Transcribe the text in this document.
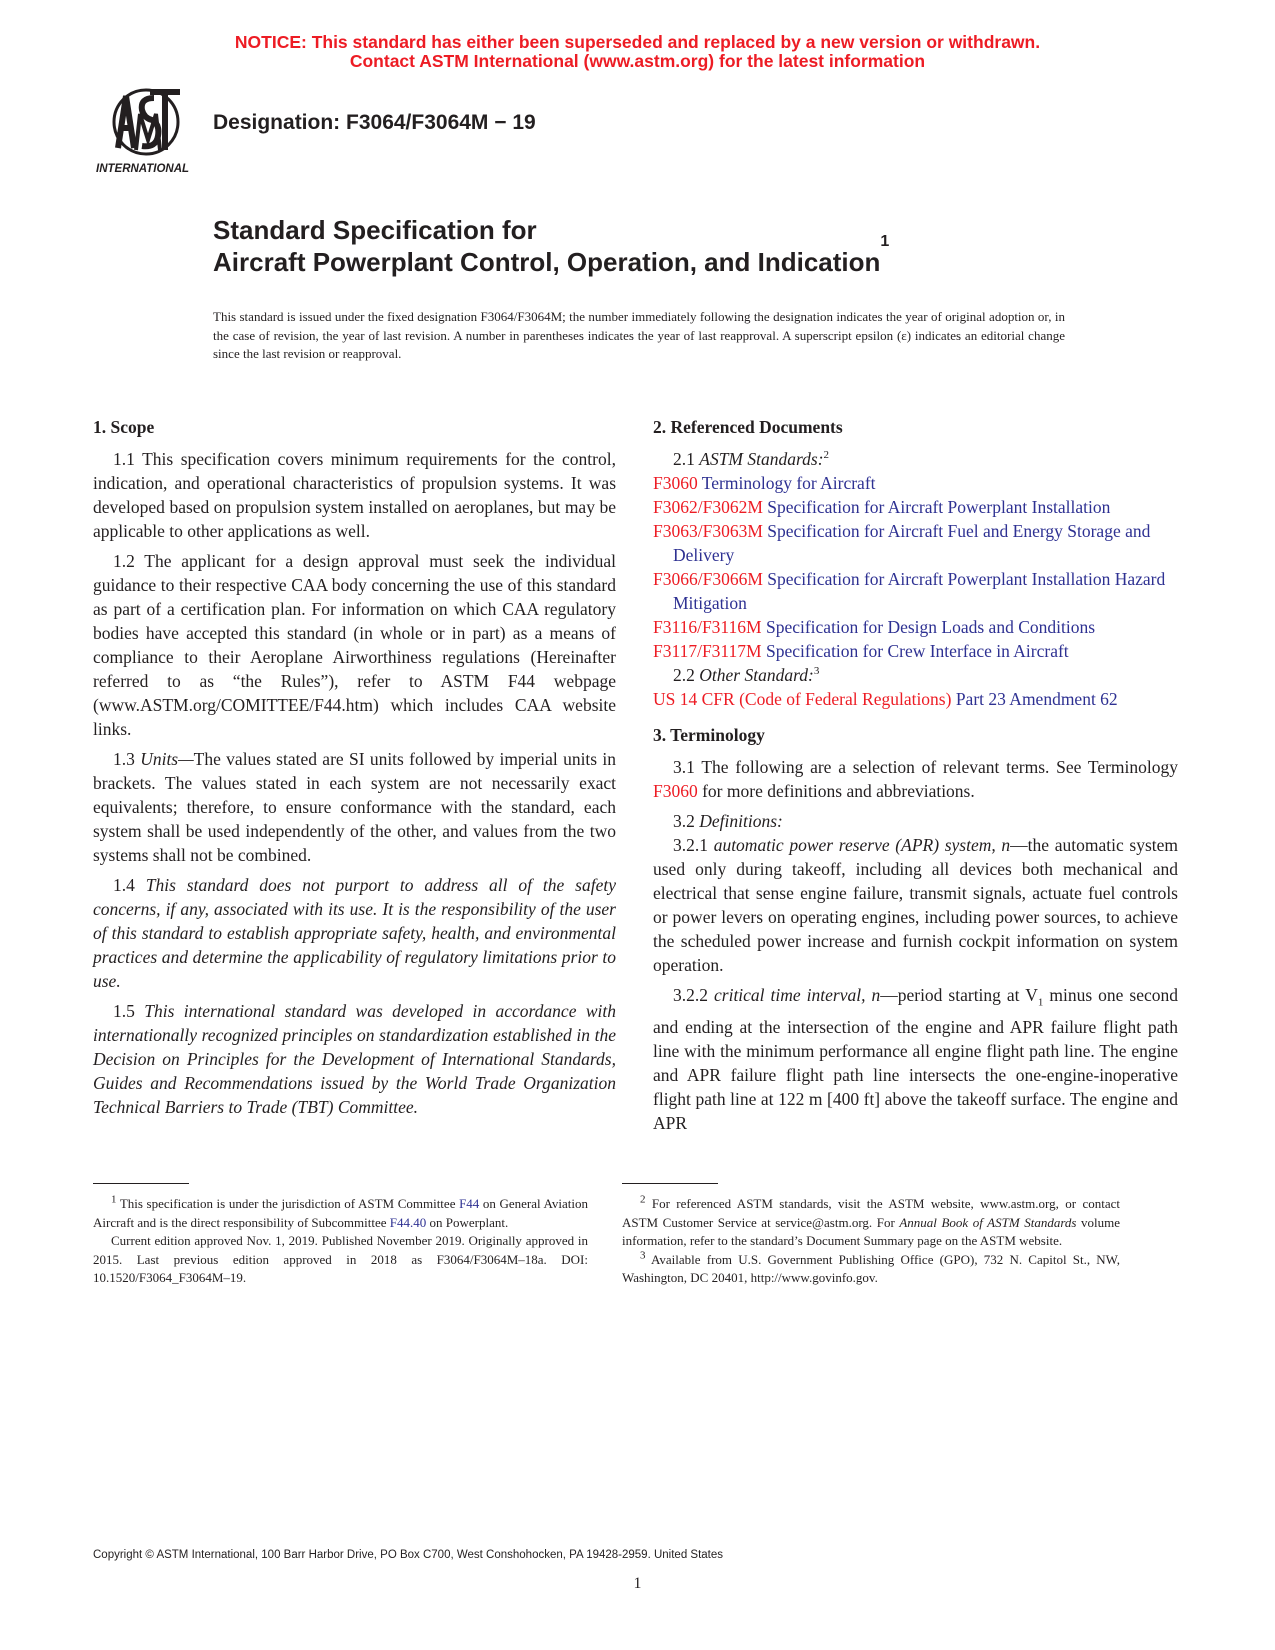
NOTICE: This standard has either been superseded and replaced by a new version or withdrawn.
Contact ASTM International (www.astm.org) for the latest information
INTERNATIONAL
Designation: F3064/F3064M − 19
Standard Specification for
Aircraft Powerplant Control, Operation, and Indication$^1$
This standard is issued under the fixed designation F3064/F3064M; the number immediately following the designation indicates the year of original adoption or, in the case of revision, the year of last revision. A number in parentheses indicates the year of last reapproval. A superscript epsilon (ε) indicates an editorial change since the last revision or reapproval.

1. Scope

1.1 This specification covers minimum requirements for the control, indication, and operational characteristics of propulsion systems. It was developed based on propulsion system installed on aeroplanes, but may be applicable to other applications as well.

1.2 The applicant for a design approval must seek the individual guidance to their respective CAA body concerning the use of this standard as part of a certification plan. For information on which CAA regulatory bodies have accepted this standard (in whole or in part) as a means of compliance to their Aeroplane Airworthiness regulations (Hereinafter referred to as “the Rules”), refer to ASTM F44 webpage (www.ASTM.org/COMITTEE/F44.htm) which includes CAA website links.

1.3 Units—The values stated are SI units followed by imperial units in brackets. The values stated in each system are not necessarily exact equivalents; therefore, to ensure conformance with the standard, each system shall be used independently of the other, and values from the two systems shall not be combined.

1.4 This standard does not purport to address all of the safety concerns, if any, associated with its use. It is the responsibility of the user of this standard to establish appropriate safety, health, and environmental practices and determine the applicability of regulatory limitations prior to use.

1.5 This international standard was developed in accordance with internationally recognized principles on standardization established in the Decision on Principles for the Development of International Standards, Guides and Recommendations issued by the World Trade Organization Technical Barriers to Trade (TBT) Committee.

2. Referenced Documents

2.1 ASTM Standards:$^2$

F3060 Terminology for Aircraft

F3062/F3062M Specification for Aircraft Powerplant Installation

F3063/F3063M Specification for Aircraft Fuel and Energy Storage and Delivery

F3066/F3066M Specification for Aircraft Powerplant Installation Hazard Mitigation

F3116/F3116M Specification for Design Loads and Conditions

F3117/F3117M Specification for Crew Interface in Aircraft

2.2 Other Standard:$^3$

US 14 CFR (Code of Federal Regulations) Part 23 Amendment 62

3. Terminology

3.1 The following are a selection of relevant terms. See Terminology F3060 for more definitions and abbreviations.

3.2 Definitions:

3.2.1 automatic power reserve (APR) system, n—the automatic system used only during takeoff, including all devices both mechanical and electrical that sense engine failure, transmit signals, actuate fuel controls or power levers on operating engines, including power sources, to achieve the scheduled power increase and furnish cockpit information on system operation.

3.2.2 critical time interval, n—period starting at $V_1$ minus one second and ending at the intersection of the engine and APR failure flight path line with the minimum performance all engine flight path line. The engine and APR failure flight path line intersects the one-engine-inoperative flight path line at 122 m [400 ft] above the takeoff surface. The engine and APR

$^1$ This specification is under the jurisdiction of ASTM Committee F44 on General Aviation Aircraft and is the direct responsibility of Subcommittee F44.40 on Powerplant.

Current edition approved Nov. 1, 2019. Published November 2019. Originally approved in 2015. Last previous edition approved in 2018 as F3064/F3064M–18a. DOI: 10.1520/F3064_F3064M–19.

$^2$ For referenced ASTM standards, visit the ASTM website, www.astm.org, or contact ASTM Customer Service at service@astm.org. For Annual Book of ASTM Standards volume information, refer to the standard’s Document Summary page on the ASTM website.

$^3$ Available from U.S. Government Publishing Office (GPO), 732 N. Capitol St., NW, Washington, DC 20401, http://www.govinfo.gov.

Copyright © ASTM International, 100 Barr Harbor Drive, PO Box C700, West Conshohocken, PA 19428-2959. United States
1
